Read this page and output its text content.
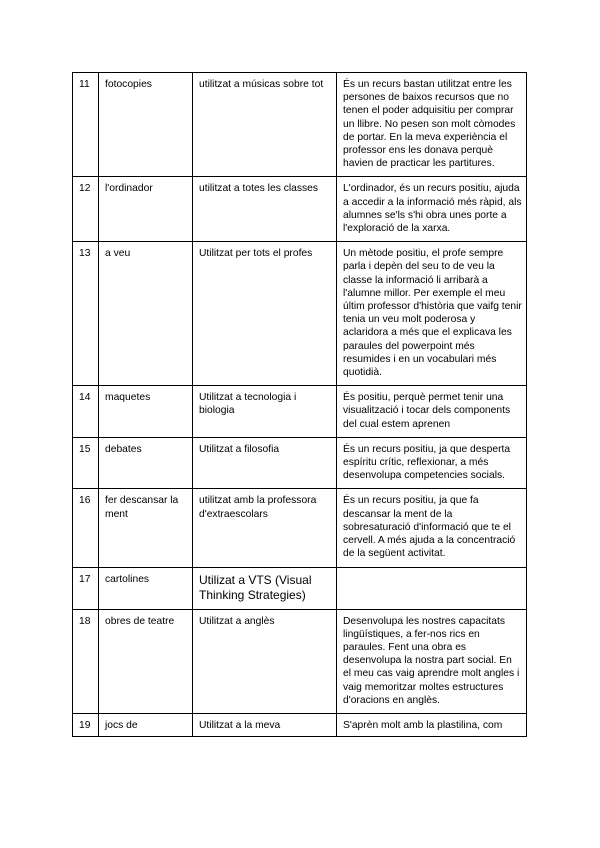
11	fotocopies	utilitzat a músicas sobre tot	És un recurs bastan utilitzat entre les persones de baixos recursos que no tenen el poder adquisitiu per comprar un llibre. No pesen son molt còmodes de portar. En la meva experiència el professor ens les donava perquè havien de practicar les partitures.
12	l'ordinador	utilitzat a totes les classes	L'ordinador, és un recurs positiu, ajuda a accedir a la informació més ràpid, als alumnes se'ls s'hi obra unes porte a l'exploració de la xarxa.
13	a veu	Utilitzat per tots el profes	Un mètode positiu, el profe sempre parla i depèn del seu to de veu la classe la informació li arribarà a l'alumne millor. Per exemple el meu últim professor d'història que vaifg tenir tenia un veu molt poderosa y aclaridora a més que el explicava les paraules del powerpoint més resumides i en un vocabulari més quotidià.
14	maquetes	Utilitzat a tecnologia i biologia	És positiu, perquè permet tenir una visualització i tocar dels components del cual estem aprenen
15	debates	Utilitzat a filosofia	És un recurs positiu, ja que desperta espíritu crític, reflexionar, a més desenvolupa competencies socials.
16	fer descansar la ment	utilitzat amb la professora d'extraescolars	És un recurs positiu, ja que fa descansar la ment de la sobresaturació d'informació que te el cervell. A més ajuda a la concentració de la següent activitat.
17	cartolines	Utilizat a VTS (Visual Thinking Strategies)	
18	obres de teatre	Utilitzat a anglès	Desenvolupa les nostres capacitats lingüístiques, a fer-nos rics en paraules. Fent una obra es desenvolupa la nostra part social. En el meu cas vaig aprendre molt angles i vaig memoritzar moltes estructures d'oracions en anglès.
19	jocs de	Utilitzat a la meva	S'aprèn molt amb la plastilina, com
